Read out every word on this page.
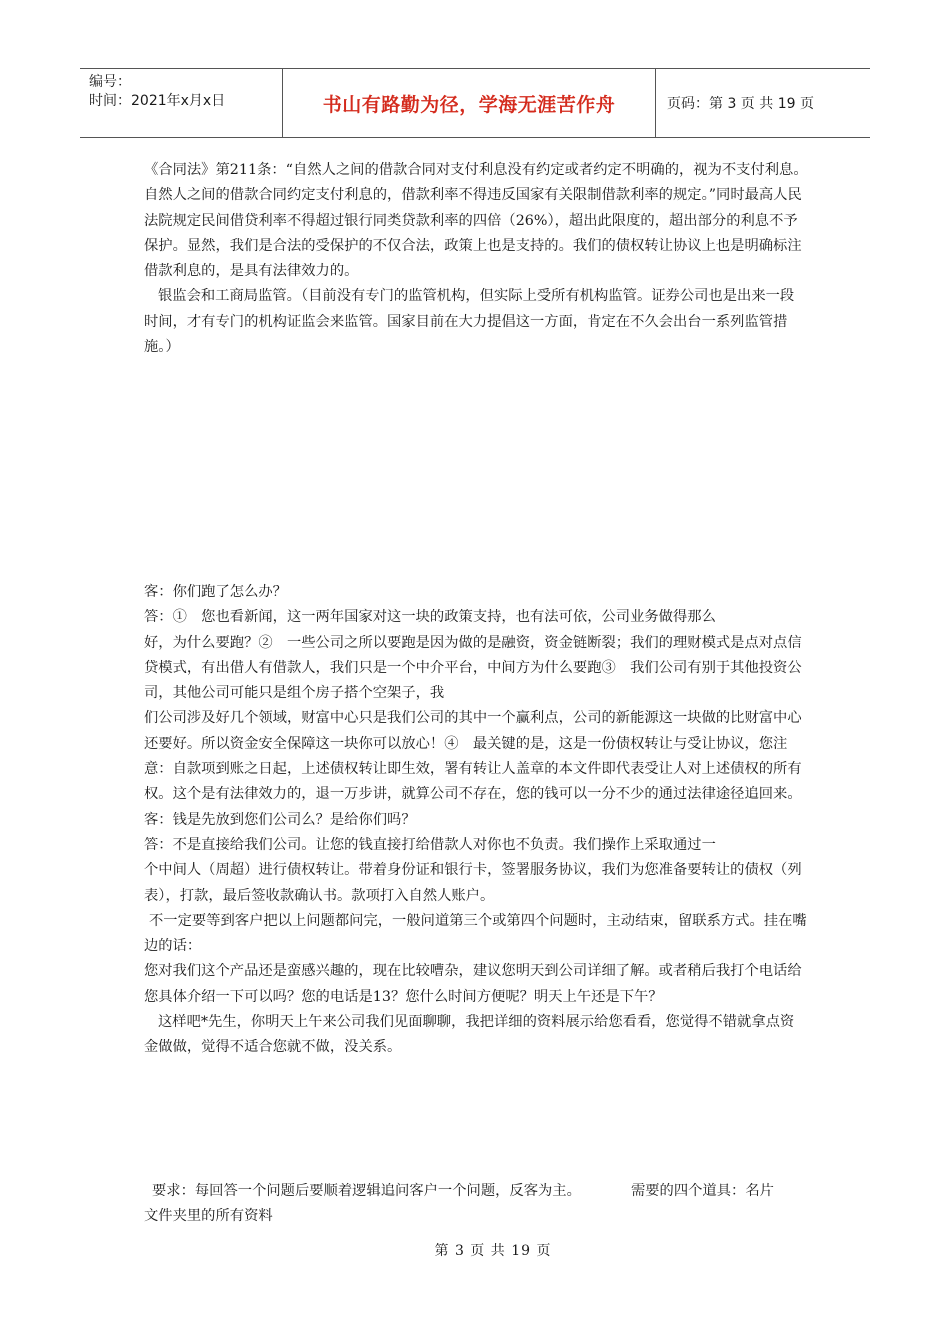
编号：
时间：2021年x月x日	书山有路勤为径，学海无涯苦作舟	页码：第 3 页 共 19 页

《合同法》第211条：“自然人之间的借款合同对支付利息没有约定或者约定不明确的，视为不支付利息。自然人之间的借款合同约定支付利息的，借款利率不得违反国家有关限制借款利率的规定。”同时最高人民法院规定民间借贷利率不得超过银行同类贷款利率的四倍（26%），超出此限度的，超出部分的利息不予保护。显然，我们是合法的受保护的不仅合法，政策上也是支持的。我们的债权转让协议上也是明确标注借款利息的，是具有法律效力的。

银监会和工商局监管。（目前没有专门的监管机构，但实际上受所有机构监管。证券公司也是出来一段时间，才有专门的机构证监会来监管。国家目前在大力提倡这一方面，肯定在不久会出台一系列监管措施。）

客：你们跑了怎么办？

答：①　您也看新闻，这一两年国家对这一块的政策支持，也有法可依，公司业务做得那么

好，为什么要跑？②　一些公司之所以要跑是因为做的是融资，资金链断裂；我们的理财模式是点对点信贷模式，有出借人有借款人，我们只是一个中介平台，中间方为什么要跑③　我们公司有别于其他投资公司，其他公司可能只是组个房子搭个空架子，我

们公司涉及好几个领域，财富中心只是我们公司的其中一个赢利点，公司的新能源这一块做的比财富中心还要好。所以资金安全保障这一块你可以放心！④　最关键的是，这是一份债权转让与受让协议，您注意：自款项到账之日起，上述债权转让即生效，署有转让人盖章的本文件即代表受让人对上述债权的所有权。这个是有法律效力的，退一万步讲，就算公司不存在，您的钱可以一分不少的通过法律途径追回来。　 客：钱是先放到您们公司么？是给你们吗？

答：不是直接给我们公司。让您的钱直接打给借款人对你也不负责。我们操作上采取通过一

个中间人（周超）进行债权转让。带着身份证和银行卡，签署服务协议，我们为您准备要转让的债权（列表），打款，最后签收款确认书。款项打入自然人账户。

不一定要等到客户把以上问题都问完，一般问道第三个或第四个问题时，主动结束，留联系方式。挂在嘴边的话：

您对我们这个产品还是蛮感兴趣的，现在比较嘈杂，建议您明天到公司详细了解。或者稍后我打个电话给您具体介绍一下可以吗？您的电话是13？您什么时间方便呢？明天上午还是下午？

这样吧*先生，你明天上午来公司我们见面聊聊，我把详细的资料展示给您看看，您觉得不错就拿点资金做做，觉得不适合您就不做，没关系。

要求：每回答一个问题后要顺着逻辑追问客户一个问题，反客为主。　　　　需要的四个道具：名片　　文件夹里的所有资料

第 3 页 共 19 页
